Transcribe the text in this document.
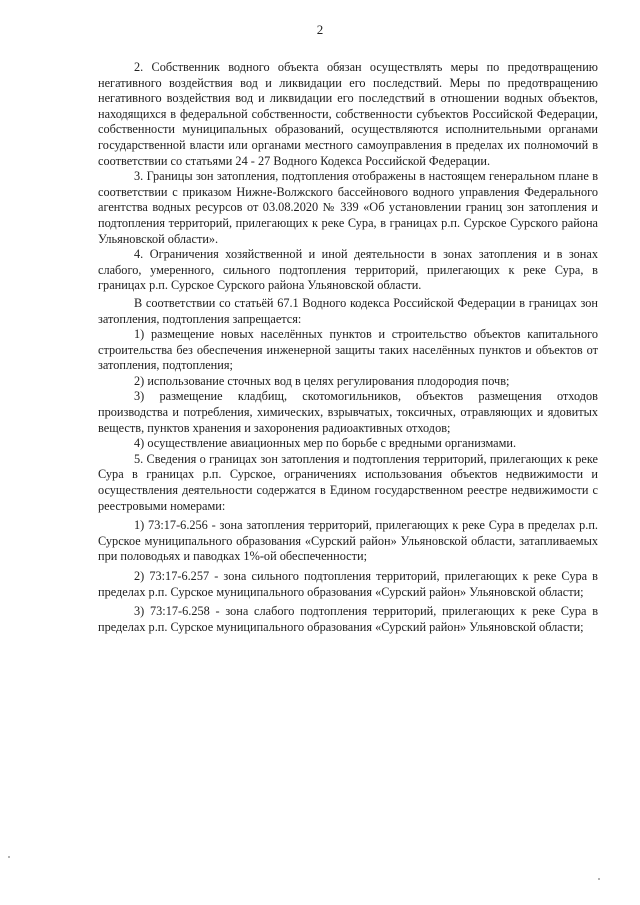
2

2. Собственник водного объекта обязан осуществлять меры по предотвращению негативного воздействия вод и ликвидации его последствий. Меры по предотвращению негативного воздействия вод и ликвидации его последствий в отношении водных объектов, находящихся в федеральной собственности, собственности субъектов Российской Федерации, собственности муниципальных образований, осуществляются исполнительными органами государственной власти или органами местного самоуправления в пределах их полномочий в соответствии со статьями 24 - 27 Водного Кодекса Российской Федерации.

3. Границы зон затопления, подтопления отображены в настоящем генеральном плане в соответствии с приказом Нижне-Волжского бассейнового водного управления Федерального агентства водных ресурсов от 03.08.2020 № 339 «Об установлении границ зон затопления и подтопления территорий, прилегающих к реке Сура, в границах р.п. Сурское Сурского района Ульяновской области».

4. Ограничения хозяйственной и иной деятельности в зонах затопления и в зонах слабого, умеренного, сильного подтопления территорий, прилегающих к реке Сура, в границах р.п. Сурское Сурского района Ульяновской области.

В соответствии со статьёй 67.1 Водного кодекса Российской Федерации в границах зон затопления, подтопления запрещается:

1) размещение новых населённых пунктов и строительство объектов капитального строительства без обеспечения инженерной защиты таких населённых пунктов и объектов от затопления, подтопления;

2) использование сточных вод в целях регулирования плодородия почв;

3) размещение кладбищ, скотомогильников, объектов размещения отходов производства и потребления, химических, взрывчатых, токсичных, отравляющих и ядовитых веществ, пунктов хранения и захоронения радиоактивных отходов;

4) осуществление авиационных мер по борьбе с вредными организмами.

5. Сведения о границах зон затопления и подтопления территорий, прилегающих к реке Сура в границах р.п. Сурское, ограничениях использования объектов недвижимости и осуществления деятельности содержатся в Едином государственном реестре недвижимости с реестровыми номерами:

1) 73:17-6.256 - зона затопления территорий, прилегающих к реке Сура в пределах р.п. Сурское муниципального образования «Сурский район» Ульяновской области, затапливаемых при половодьях и паводках 1%-ой обеспеченности;

2) 73:17-6.257 - зона сильного подтопления территорий, прилегающих к реке Сура в пределах р.п. Сурское муниципального образования «Сурский район» Ульяновской области;

3) 73:17-6.258 - зона слабого подтопления территорий, прилегающих к реке Сура в пределах р.п. Сурское муниципального образования «Сурский район» Ульяновской области;
